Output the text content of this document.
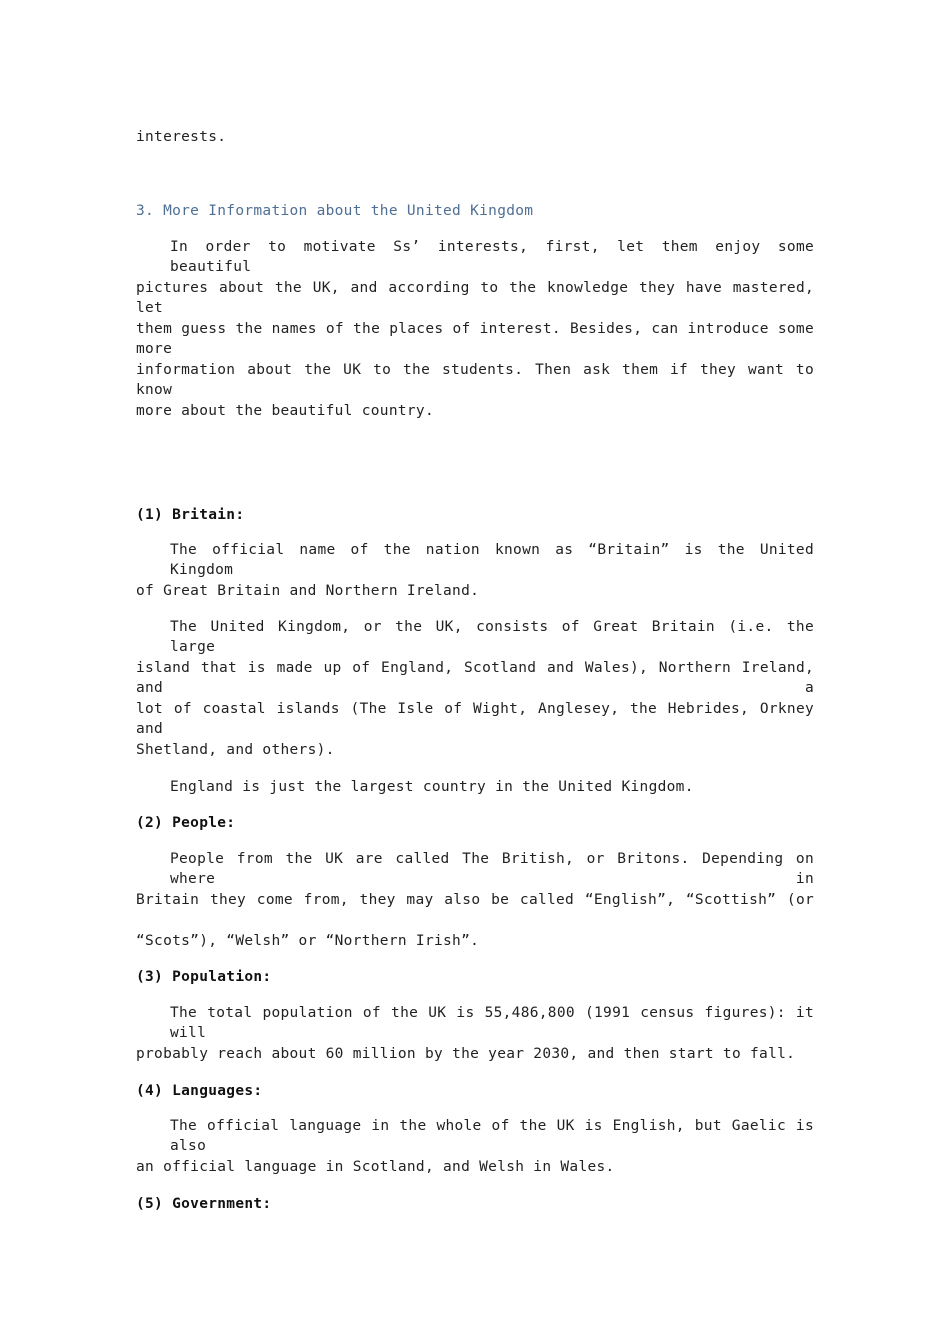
interests.
3. More Information about the United Kingdom
In order to motivate Ss’ interests, first, let them enjoy some beautiful
pictures about the UK, and according to the knowledge they have mastered, let
them guess the names of the places of interest. Besides, can introduce some more
information about the UK to the students. Then ask them if they want to know
more about the beautiful country.
(1) Britain:
The official name of the nation known as “Britain” is the United Kingdom
of Great Britain and Northern Ireland.
The United Kingdom, or the UK, consists of Great Britain (i.e. the large
island that is made up of England, Scotland and Wales), Northern Ireland, and a
lot of coastal islands (The Isle of Wight, Anglesey, the Hebrides, Orkney and
Shetland, and others).
England is just the largest country in the United Kingdom.
(2) People:
People from the UK are called The British, or Britons. Depending on where in
Britain they come from, they may also be called “English”, “Scottish” (or
“Scots”), “Welsh” or “Northern Irish”.
(3) Population:
The total population of the UK is 55,486,800 (1991 census figures): it will
probably reach about 60 million by the year 2030, and then start to fall.
(4) Languages:
The official language in the whole of the UK is English, but Gaelic is also
an official language in Scotland, and Welsh in Wales.
(5) Government:
